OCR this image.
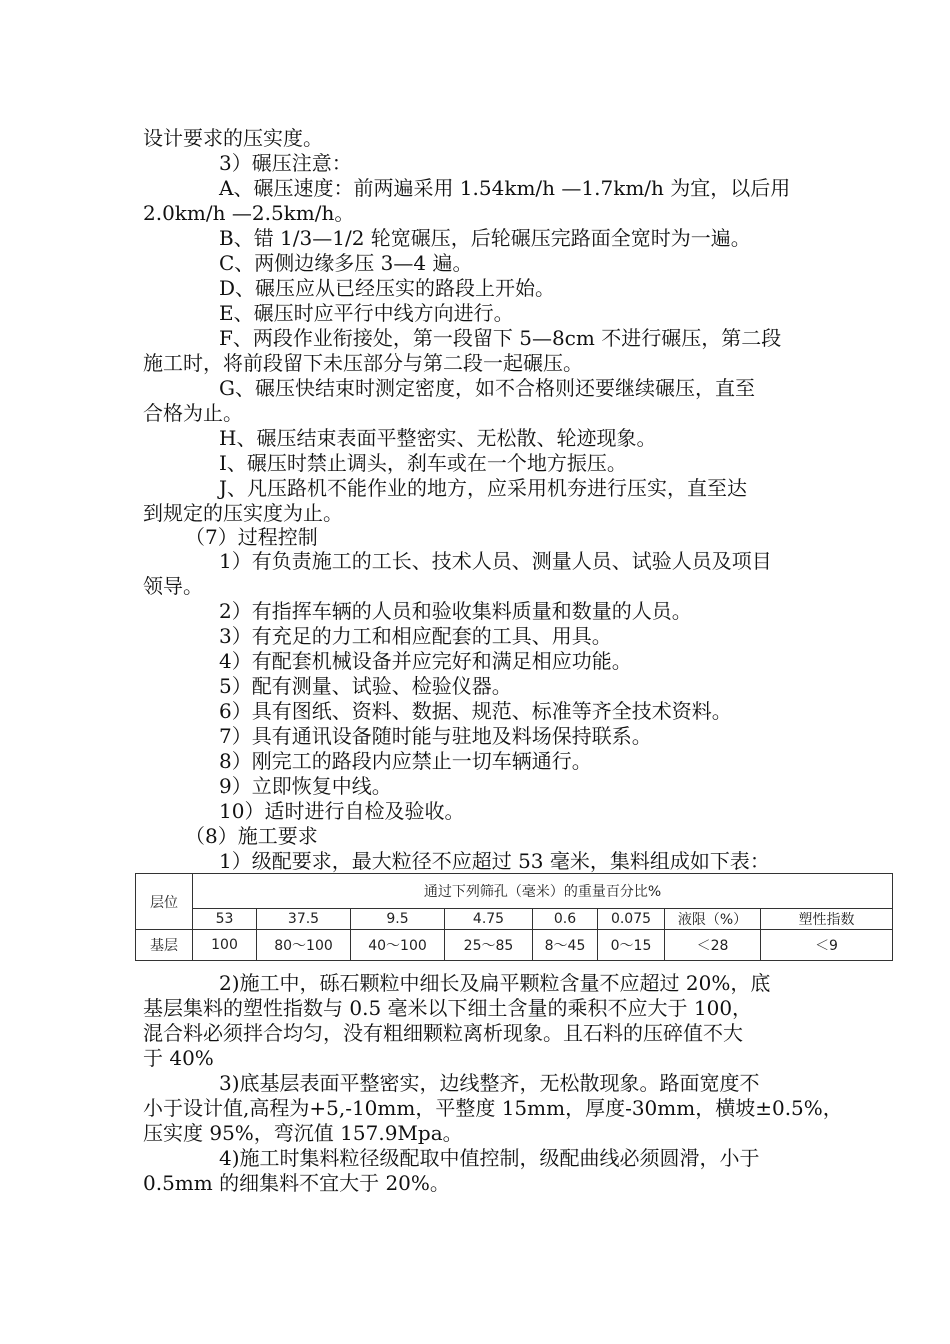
设计要求的压实度。
3）碾压注意：
A、碾压速度：前两遍采用 1.54km/h —1.7km/h 为宜，以后用
2.0km/h —2.5km/h。
B、错 1/3—1/2 轮宽碾压，后轮碾压完路面全宽时为一遍。
C、两侧边缘多压 3—4 遍。
D、碾压应从已经压实的路段上开始。
E、碾压时应平行中线方向进行。
F、两段作业衔接处，第一段留下 5—8cm 不进行碾压，第二段
施工时，将前段留下未压部分与第二段一起碾压。
G、碾压快结束时测定密度，如不合格则还要继续碾压，直至
合格为止。
H、碾压结束表面平整密实、无松散、轮迹现象。
I、碾压时禁止调头，刹车或在一个地方振压。
J、凡压路机不能作业的地方，应采用机夯进行压实，直至达
到规定的压实度为止。
（7）过程控制
1）有负责施工的工长、技术人员、测量人员、试验人员及项目
领导。
2）有指挥车辆的人员和验收集料质量和数量的人员。
3）有充足的力工和相应配套的工具、用具。
4）有配套机械设备并应完好和满足相应功能。
5）配有测量、试验、检验仪器。
6）具有图纸、资料、数据、规范、标准等齐全技术资料。
7）具有通讯设备随时能与驻地及料场保持联系。
8）刚完工的路段内应禁止一切车辆通行。
9）立即恢复中线。
10）适时进行自检及验收。
（8）施工要求
1）级配要求，最大粒径不应超过 53 毫米，集料组成如下表：
层位	通过下列筛孔（毫米）的重量百分比%							
	53	37.5	9.5	4.75	0.6	0.075	液限（%）	塑性指数
基层	100	80～100	40～100	25～85	8～45	0～15	＜28	＜9
2)施工中，砾石颗粒中细长及扁平颗粒含量不应超过 20%，底
基层集料的塑性指数与 0.5 毫米以下细土含量的乘积不应大于 100，
混合料必须拌合均匀，没有粗细颗粒离析现象。且石料的压碎值不大
于 40%
3)底基层表面平整密实，边线整齐，无松散现象。路面宽度不
小于设计值,高程为+5,-10mm，平整度 15mm，厚度-30mm，横坡±0.5%，
压实度 95%，弯沉值 157.9Mpa。
4)施工时集料粒径级配取中值控制，级配曲线必须圆滑，小于
0.5mm 的细集料不宜大于 20%。
